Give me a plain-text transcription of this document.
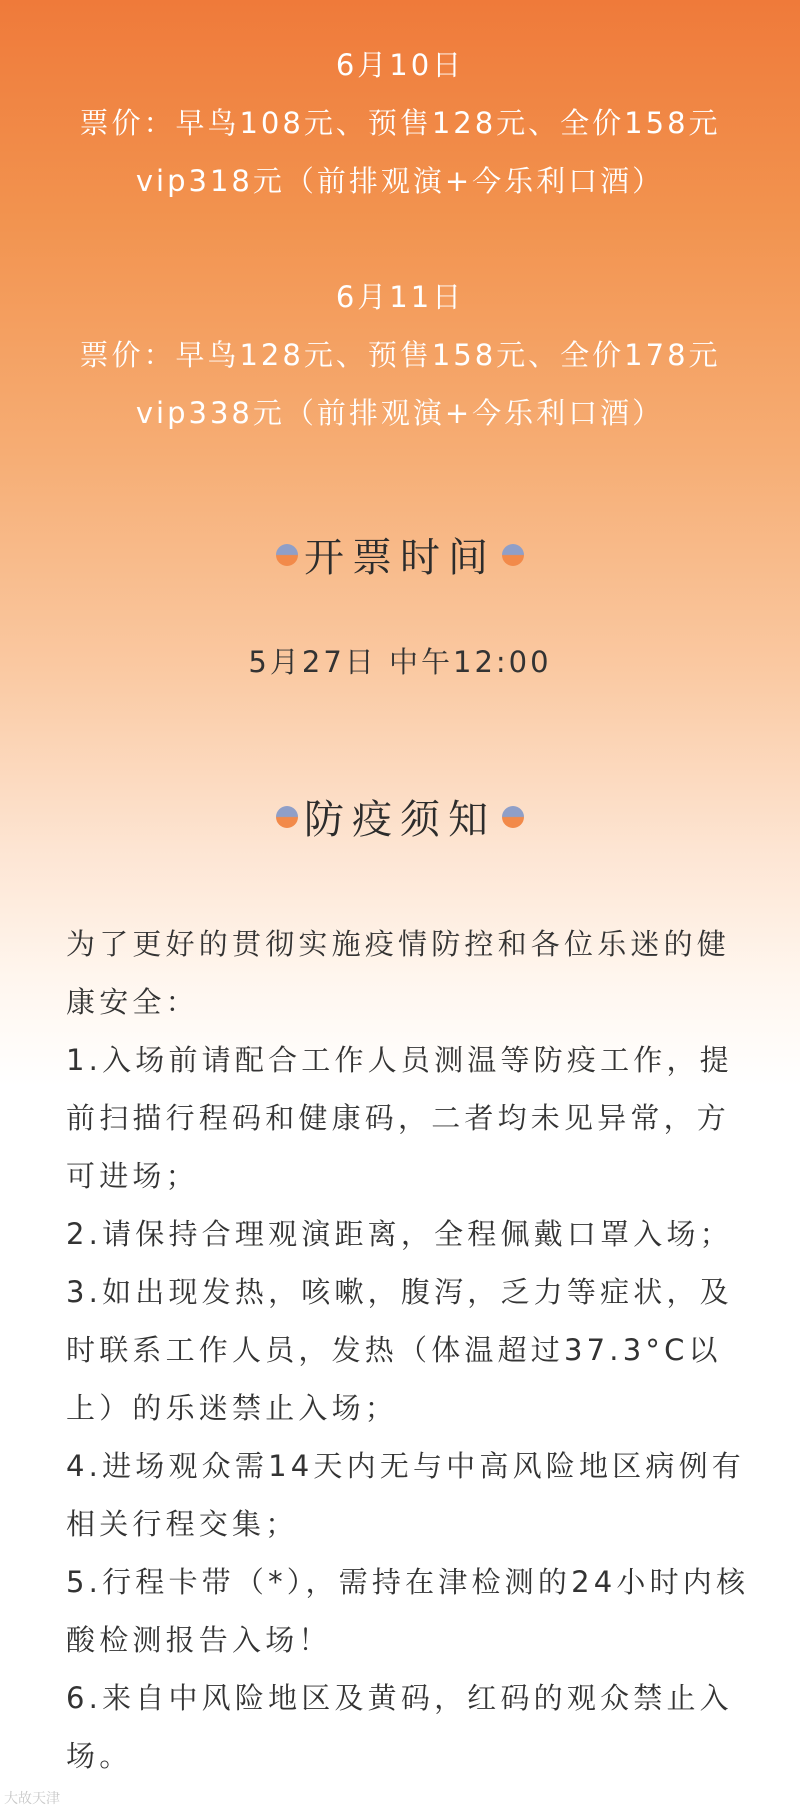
6月10日
票价：早鸟108元、预售128元、全价158元
vip318元（前排观演+今乐利口酒）
6月11日
票价：早鸟128元、预售158元、全价178元
vip338元（前排观演+今乐利口酒）
开票时间
5月27日 中午12:00
防疫须知

为了更好的贯彻实施疫情防控和各位乐迷的健康安全：

1.入场前请配合工作人员测温等防疫工作，提前扫描行程码和健康码，二者均未见异常，方可进场；

2.请保持合理观演距离，全程佩戴口罩入场；

3.如出现发热，咳嗽，腹泻，乏力等症状，及时联系工作人员，发热（体温超过37.3°C以上）的乐迷禁止入场；

4.进场观众需14天内无与中高风险地区病例有相关行程交集；

5.行程卡带（*），需持在津检测的24小时内核酸检测报告入场！

6.来自中风险地区及黄码，红码的观众禁止入场。

大故天津
